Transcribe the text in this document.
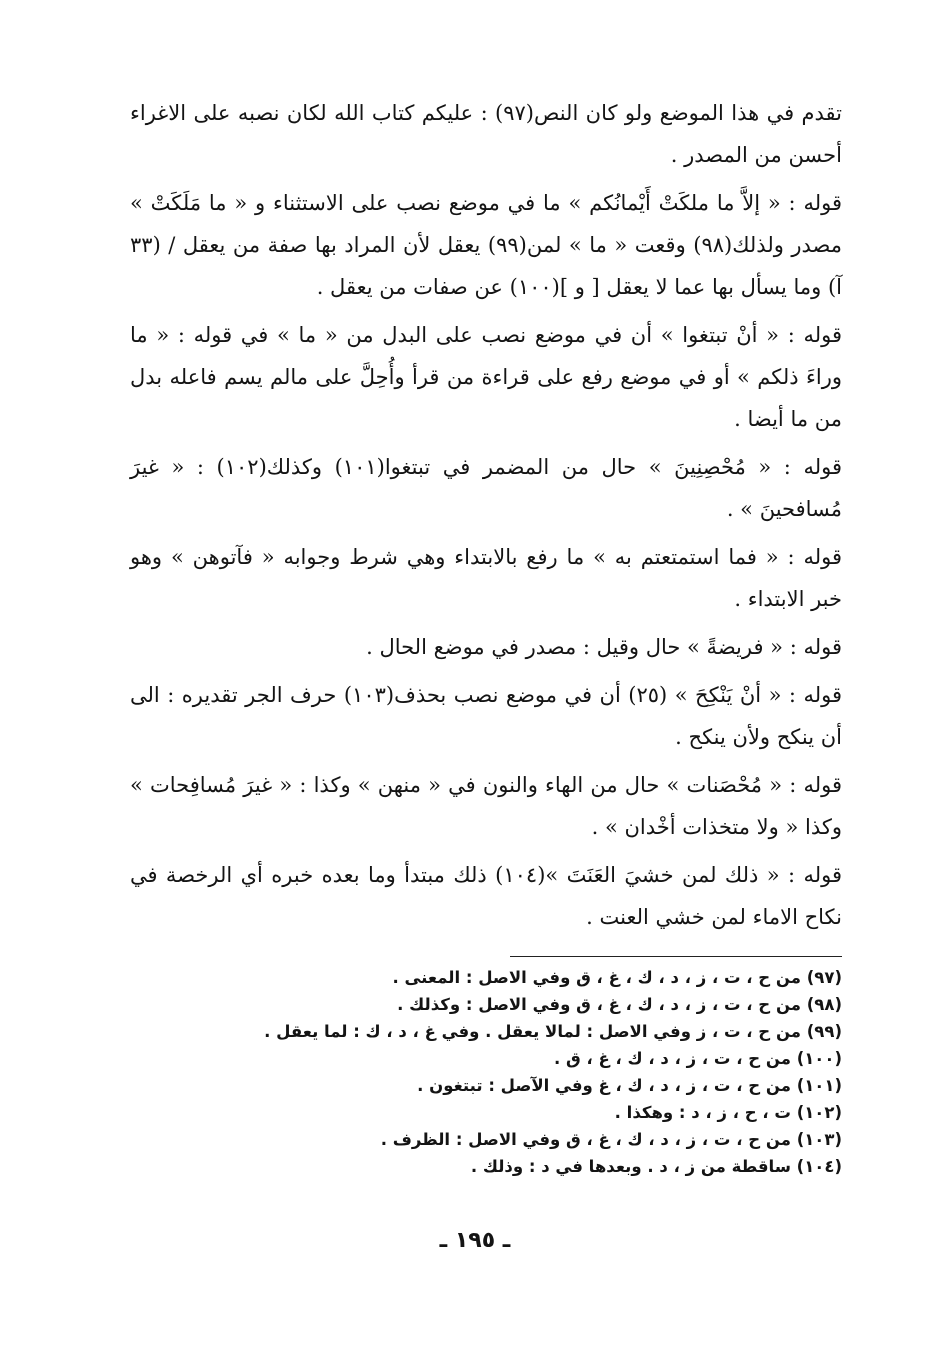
تقدم في هذا الموضع ولو كان النص(٩٧) : عليكم كتاب الله لكان نصبه على الاغراء أحسن من المصدر .

قوله : « إلاَّ ما ملكَتْ أَيْمانُكم » ما في موضع نصب على الاستثناء و « ما مَلَكَتْ » مصدر ولذلك(٩٨) وقعت « ما » لمن(٩٩) يعقل لأن المراد بها صفة من يعقل / (٣٣ آ) وما يسأل بها عما لا يعقل [ و ](١٠٠) عن صفات من يعقل .

قوله : « أنْ تبتغوا » أن في موضع نصب على البدل من « ما » في قوله : « ما وراءَ ذلكم » أو في موضع رفع على قراءة من قرأ وأُحِلَّ على مالم يسم فاعله بدل من ما أيضا .

قوله : « مُحْصِنِينَ » حال من المضمر في تبتغوا(١٠١) وكذلك(١٠٢) : « غيرَ مُسافحينَ » .

قوله : « فما استمتعتم به » ما رفع بالابتداء وهي شرط وجوابه « فآتوهن » وهو خبر الابتداء .

قوله : « فريضةً » حال وقيل : مصدر في موضع الحال .

قوله : « أنْ يَنْكِحَ » (٢٥) أن في موضع نصب بحذف(١٠٣) حرف الجر تقديره : الى أن ينكح ولأن ينكح .

قوله : « مُحْصَنات » حال من الهاء والنون في « منهن » وكذا : « غيرَ مُسافِحات » وكذا « ولا متخذات أخْدان » .

قوله : « ذلك لمن خشيَ العَنَتَ »(١٠٤) ذلك مبتدأ وما بعده خبره أي الرخصة في نكاح الاماء لمن خشي العنت .

(٩٧) من ح ، ت ، ز ، د ، ك ، غ ، ق وفي الاصل : المعنى .
(٩٨) من ح ، ت ، ز ، د ، ك ، غ ، ق وفي الاصل : وكذلك .
(٩٩) من ح ، ت ، ز وفي الاصل : لمالا يعقل . وفي غ ، د ، ك : لما يعقل .
(١٠٠) من ح ، ت ، ز ، د ، ك ، غ ، ق .
(١٠١) من ح ، ت ، ز ، د ، ك ، غ وفي الآصل : تبتغون .
(١٠٢) ت ، ح ، ز ، د : وهكذا .
(١٠٣) من ح ، ت ، ز ، د ، ك ، غ ، ق وفي الاصل : الظرف .
(١٠٤) ساقطة من ز ، د . وبعدها في د : وذلك .
ـ ١٩٥ ـ
